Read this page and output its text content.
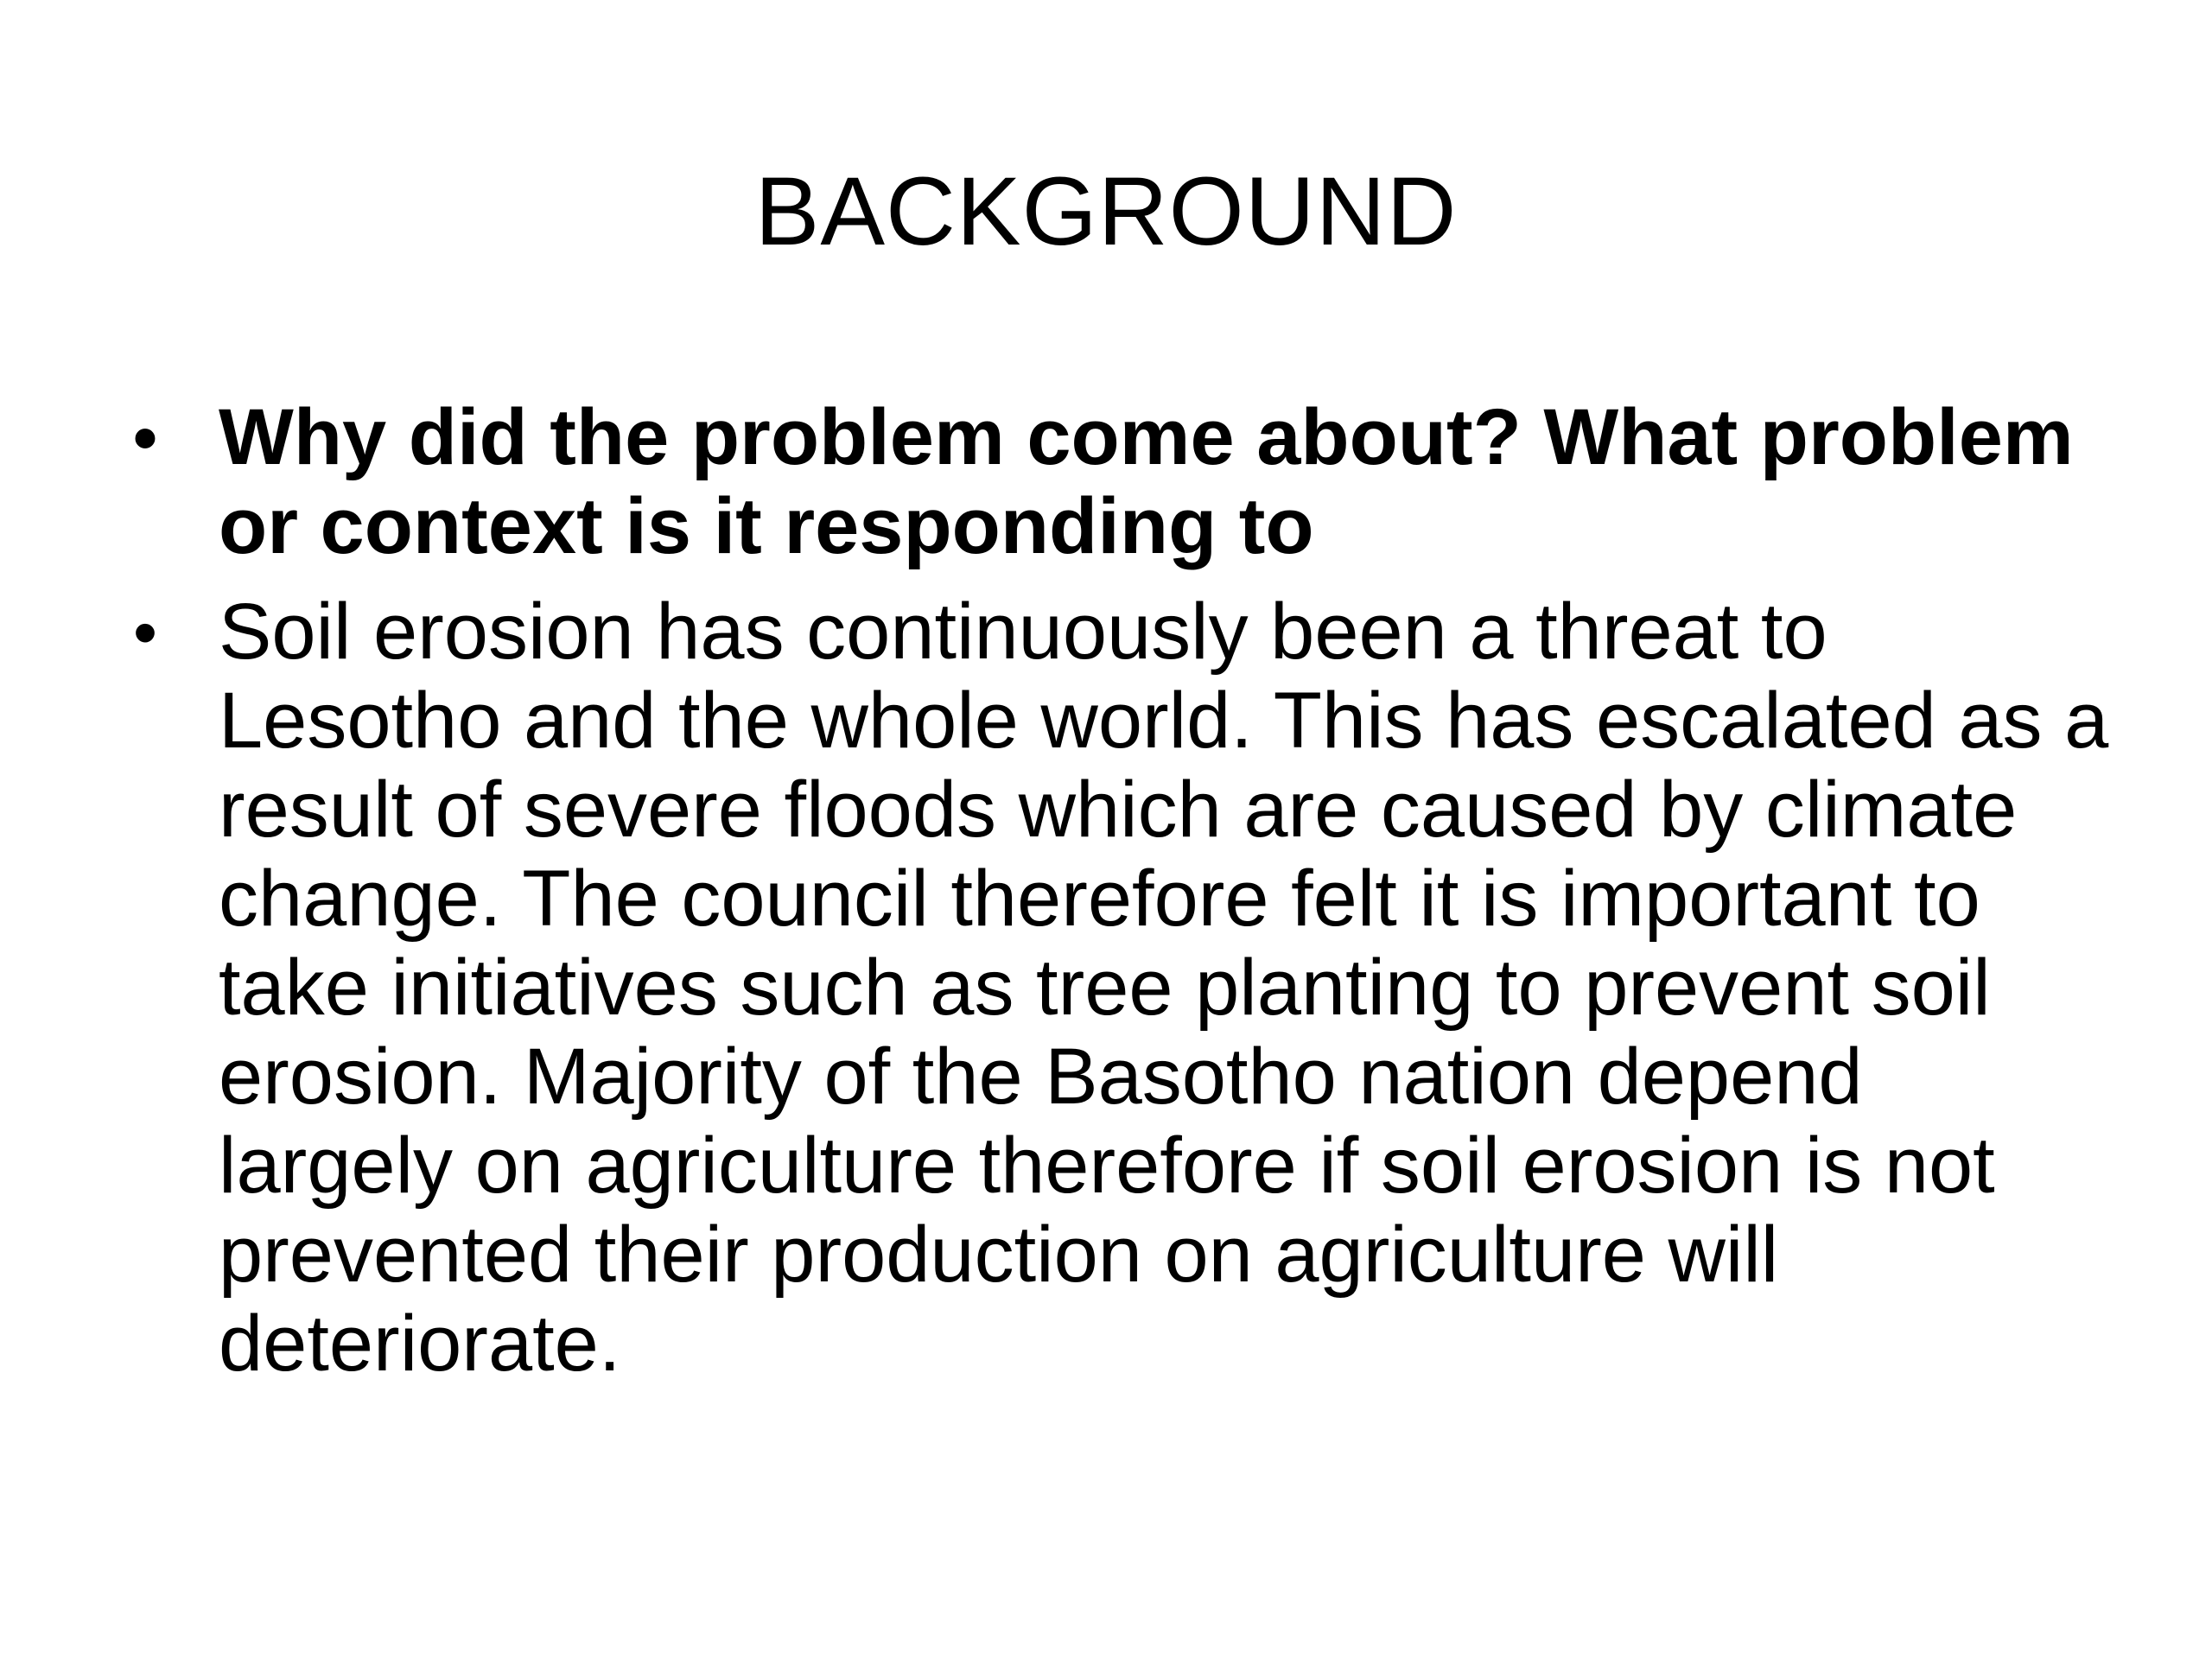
BACKGROUND
• Why did the problem come about? What problem or context is it responding to
• Soil erosion has continuously been a threat to Lesotho and the whole world. This has escalated as a result of severe floods which are caused by climate change. The council therefore felt it is important to take initiatives such as tree planting to prevent soil erosion. Majority of the Basotho nation depend largely on agriculture therefore if soil erosion is not prevented their production on agriculture will deteriorate.
